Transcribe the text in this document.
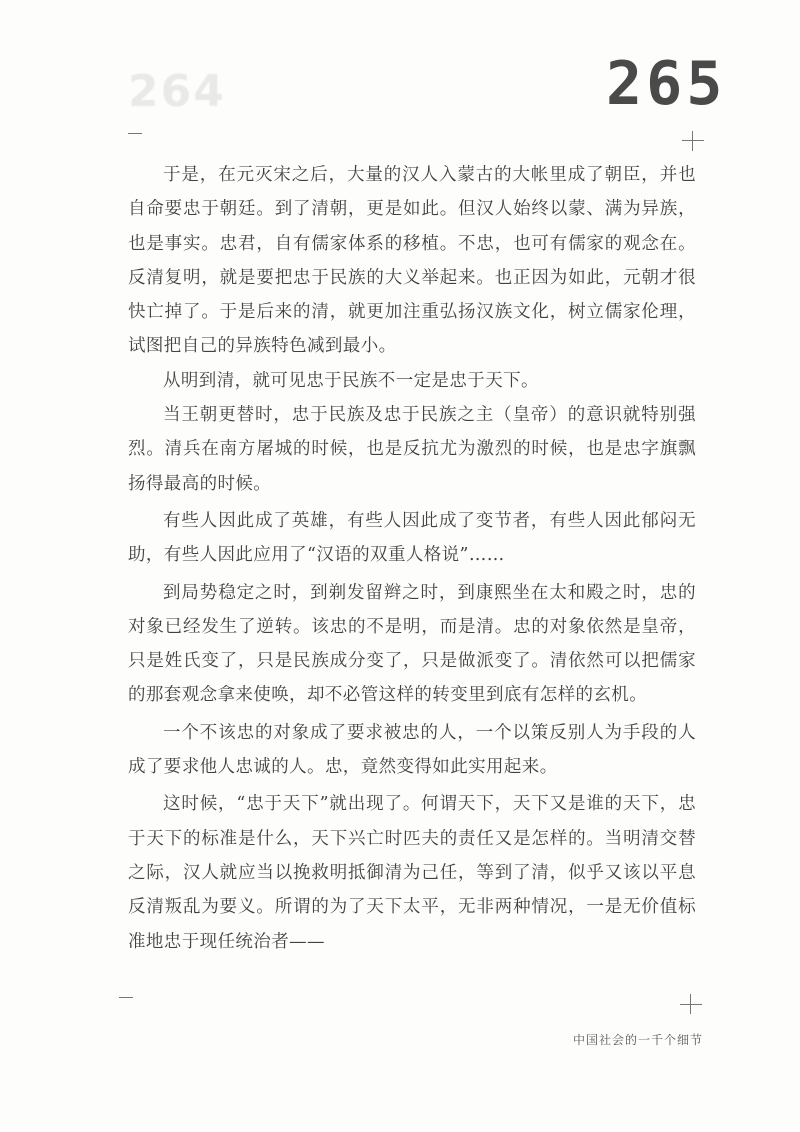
264	265

于是，在元灭宋之后，大量的汉人入蒙古的大帐里成了朝臣，并也自命要忠于朝廷。到了清朝，更是如此。但汉人始终以蒙、满为异族，也是事实。忠君，自有儒家体系的移植。不忠，也可有儒家的观念在。反清复明，就是要把忠于民族的大义举起来。也正因为如此，元朝才很快亡掉了。于是后来的清，就更加注重弘扬汉族文化，树立儒家伦理，试图把自己的异族特色减到最小。

从明到清，就可见忠于民族不一定是忠于天下。

当王朝更替时，忠于民族及忠于民族之主（皇帝）的意识就特别强烈。清兵在南方屠城的时候，也是反抗尤为激烈的时候，也是忠字旗飘扬得最高的时候。

有些人因此成了英雄，有些人因此成了变节者，有些人因此郁闷无助，有些人因此应用了“汉语的双重人格说”……

到局势稳定之时，到剃发留辫之时，到康熙坐在太和殿之时，忠的对象已经发生了逆转。该忠的不是明，而是清。忠的对象依然是皇帝，只是姓氏变了，只是民族成分变了，只是做派变了。清依然可以把儒家的那套观念拿来使唤，却不必管这样的转变里到底有怎样的玄机。

一个不该忠的对象成了要求被忠的人，一个以策反别人为手段的人成了要求他人忠诚的人。忠，竟然变得如此实用起来。

这时候，“忠于天下”就出现了。何谓天下，天下又是谁的天下，忠于天下的标准是什么，天下兴亡时匹夫的责任又是怎样的。当明清交替之际，汉人就应当以挽救明抵御清为己任，等到了清，似乎又该以平息反清叛乱为要义。所谓的为了天下太平，无非两种情况，一是无价值标准地忠于现任统治者——

中国社会的一千个细节
